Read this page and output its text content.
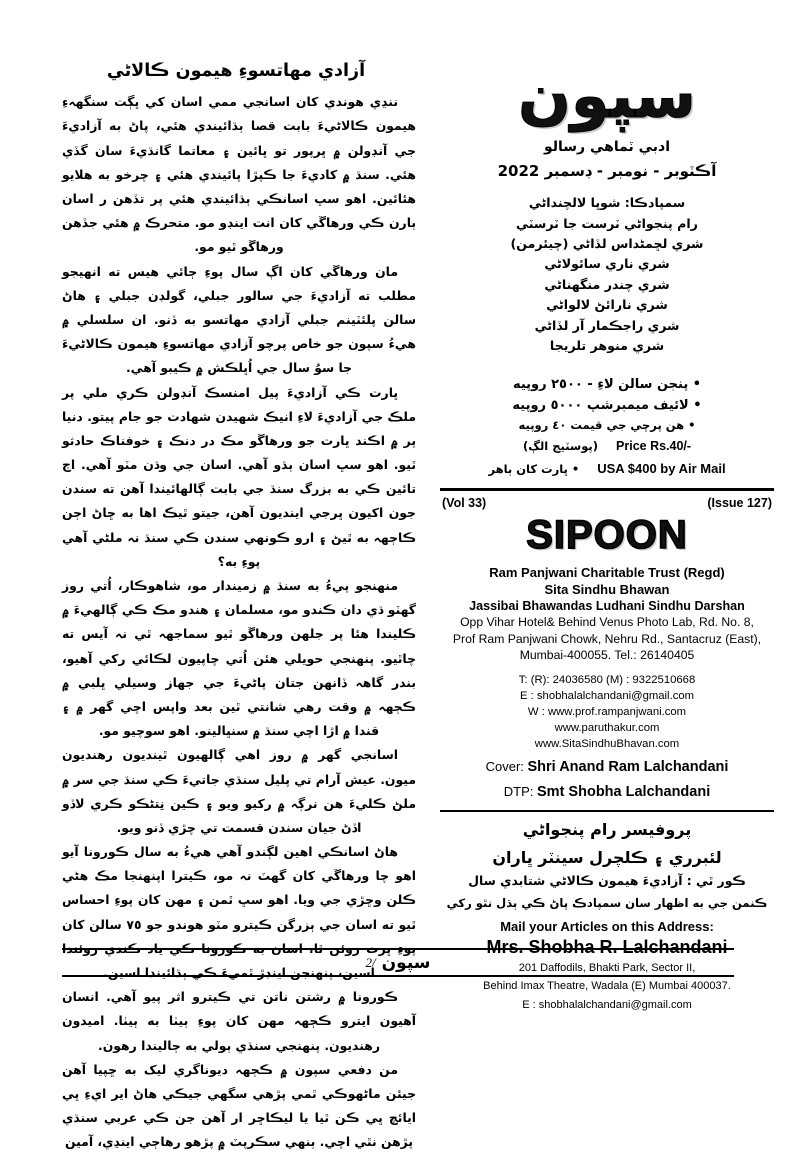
آزادي مهاتسوءِ هيمون ڪالاڻي

ننڍي هوندي کان اسانجي ممي اسان کي ڀڳت سنگهہءِ هيمون ڪالاڻيءَ بابت قصا ٻڌائيندي هئي، پاڻ به آزاديءَ جي آنڊولن ۾ ڀرپور تو ڀائين ۽ معاتما گانڌيءَ سان گڏي هئي. سنڌ ۾ کاديءَ جا ڪپڙا پائيندي هئي ۽ چرخو به هلايو هئائين. اهو سڀ اسانڪي ٻڌائيندي هئي پر تڏهن ر اسان ٻارن ڪي ورهاڱي کان انت اينڊو مو. متحرڪ ۾ هئي جڏهن ورهاڱو ٿيو مو.

مان ورهاڱي کان اڳ سال پوءِ ڄائي هيس ته انهيجو مطلب ته آزاديءَ جي سالور جبلي، گولڊن جبلي ۽ هاڻ سالن پلئٽينم جبلي آزادي مهاتسو به ڏنو. ان سلسلي ۾ هيءُ سپون جو خاص پرچو آزادي مهاتسوءِ هيمون ڪالاڻيءَ جا سوُ سال جي اُڀلڪش ۾ ڪيبو آهي.

ڀارت ڪي آزاديءَ پيل امنسڪ آنڊولن ڪري ملي پر ملڪ جي آزاديءَ لاءِ انيڪ شهيدن شهادت جو جام پيتو. دنيا پر ۾ اڪند ڀارت جو ورهاڱو مڪ در دنڪ ۽ خوفناڪ حادثو ٿيو. اهو سڀ اسان ٻڌو آهي. اسان جي وڌن مٽو آهي. اڄ تائين ڪي به بزرگ سنڌ جي بابت ڳالهائيندا آهن ته سندن جون اکيون ڀرجي اينديون آهن، جيتو ٿيڪ اها به ڇاڻ اڄن ڪاڄهہ به ٿيڻ ۽ ارو ڪونهي سندن ڪي سنڌ نہ ملڻي آهي پوءِ به؟

منهنجو پيءُ به سنڌ ۾ زميندار مو، شاهوڪار، اُتي روز گهٽو ڌي دان ڪندو مو، مسلمان ۽ هندو مڪ ڪي ڳالهيءَ ۾ ڪليندا هئا پر جلهن ورهاڱو ٿيو سماجهہ ٿي نہ آيس ته چاٿيو. پنهنجي حويلي هئن اُتي چاپيون لڪائي رکي آهيو، بندر گاهہ ڏانهن جتان پاڻيءَ جي جهاز وسيلي ڀلبي ۾ ڪڄهہ ۾ وقت رهي شانتي ٿين بعد واپس اچي گهر ۾ ۽ قندا ۾ اڙا اچي سنڌ ۾ سنڀالينو. اهو سوچيو مو.

اسانجي گهر ۾ روز اهي ڳالهيون ٿينديون رهنديون ميون. عيش آرام تي پليل سنڌي جاتيءَ ڪي سنڌ جي سر ۾ ملڻ ڪليءَ هن نرڳہ ۾ رکيو ويو ۽ ڪين نِتڻڪو ڪري لاڏو اڏڻ جيان سندن قسمت تي چڙي ڏنو ويو.

هاڻ اسانڪي اهين لڳندو آهي هيءُ به سال ڪورونا آيو اهو چا ورهاڱي کان گهٽ نہ مو، ڪيترا اپنهنجا مڪ هڻي ڪلن وڇڙي جي ويا. اهو سڀ ٿمن ۽ مهن کان پوءِ احساس ٿيو ته اسان جي ٻزرگن ڪيترو مٽو هوندو جو ٧٥ سالن کان پوءِ ڀرت روئن ٿا، اسان به ڪورونا ڪي ياد ڪندي روئندا اسين، پنهنجن اينڊڙ ٿميءَ ڪي ٻڌائيندا اسين.

ڪورونا ۾ رشتن ناتن تي ڪيترو اثر پيو آهي. انسان آهيون ايترو ڪڄهہ مهن کان پوءِ ٻيٺا به ٻيٺا. اميدون رهنديون. پنهنجي سنڌي ٻولي به ڄاليندا رهون.

من دفعي سپون ۾ ڪڄهہ ديوناگري ليک به ڇپيا آهن جيئن ماڻهوڪي ٿمي پڙهي سگهي جيڪي هاڻ اير ايءِ ڀي ايائچ ڀي ڪن ٿيا يا ليڪاڇر ار آهن جن ڪي عربي سنڌي پڙهن نٿي اچي. ٻنهي سڪرپٽ ۾ پڙهو رهاڄي اينڍي، آمين

سپون
ادبي ٽماهي رسالو
آڪٽوبر - نومبر - ڊسمبر 2022
سمپادڪا: شوڀا لالچنداڻي
رام پنجواڻي ٽرست جا ٽرسٽي
شري لڇمڻداس لڏاڻي (چيئرمن)
شري ناري سائولاڻي
شري چندر منگهناڻي
شري نارائڻ لالواڻي
شري راجڪمار آر لڏاڻي
شري منوهر تلريجا
• پنجن سالن لاءِ - ٢٥٠٠ روپيه
• لائيف ميمبرشپ ٥٠٠٠ روپيه
• هن پرچي جي قيمت ٤٠ روپيه
Price Rs.40/-
(پوسٽيج الڳ)
USA $400 by Air Mail
• ڀارت کان ٻاهر
(Vol 33)	(Issue 127)
SIPOON
Ram Panjwani Charitable Trust (Regd)
Sita Sindhu Bhawan
Jassibai Bhawandas Ludhani Sindhu Darshan
Opp Vihar Hotel& Behind Venus Photo Lab, Rd. No. 8,
Prof Ram Panjwani Chowk, Nehru Rd., Santacruz (East),
Mumbai-400055. Tel.: 26140405
T: (R): 24036580 (M) : 9322510668
E : shobhalalchandani@gmail.com
W : www.prof.rampanjwani.com
www.paruthakur.com
www.SitaSindhuBhavan.com
Cover: Shri Anand Ram Lalchandani
DTP: Smt Shobha Lalchandani
پروفيسر رام پنجواڻي
لئبرري ۽ ڪلچرل سينٽر ڀاران
ڪور ٿي : آزاديءَ هيمون ڪالاڻي شتابدي سال
ڪنمن جي به اظهار سان سمپادڪ پاڻ ڪي ٻڌل نٿو رکي
Mail your Articles on this Address:
Mrs. Shobha R. Lalchandani
201 Daffodils, Bhakti Park, Sector II,
Behind Imax Theatre, Wadala (E) Mumbai 400037.
E : shobhalalchandani@gmail.com
سپون
2/
